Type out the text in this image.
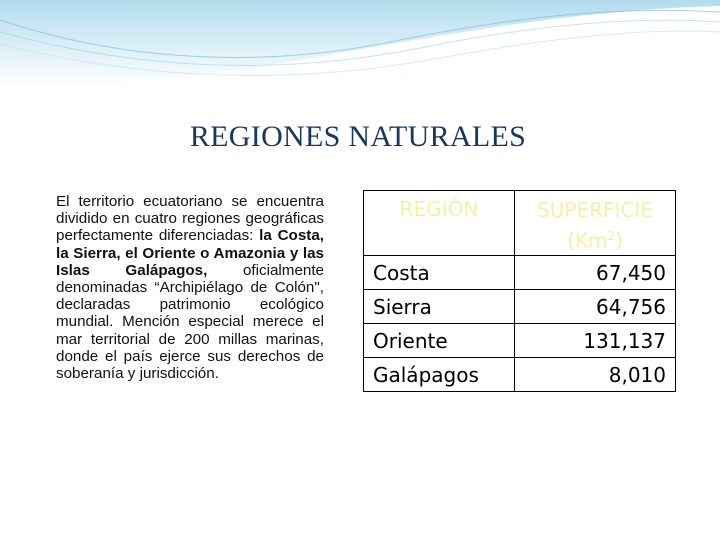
REGIONES NATURALES

El territorio ecuatoriano se encuentra dividido en cuatro regiones geográficas perfectamente diferenciadas: la Costa, la Sierra, el Oriente o Amazonia y las Islas Galápagos, oficialmente denominadas “Archipiélago de Colón", declaradas patrimonio ecológico mundial. Mención especial merece el mar territorial de 200 millas marinas, donde el país ejerce sus derechos de soberanía y jurisdicción.

REGIÓN	SUPERFICIE
(Km$^2$)
Costa	67,450
Sierra	64,756
Oriente	131,137
Galápagos	8,010
